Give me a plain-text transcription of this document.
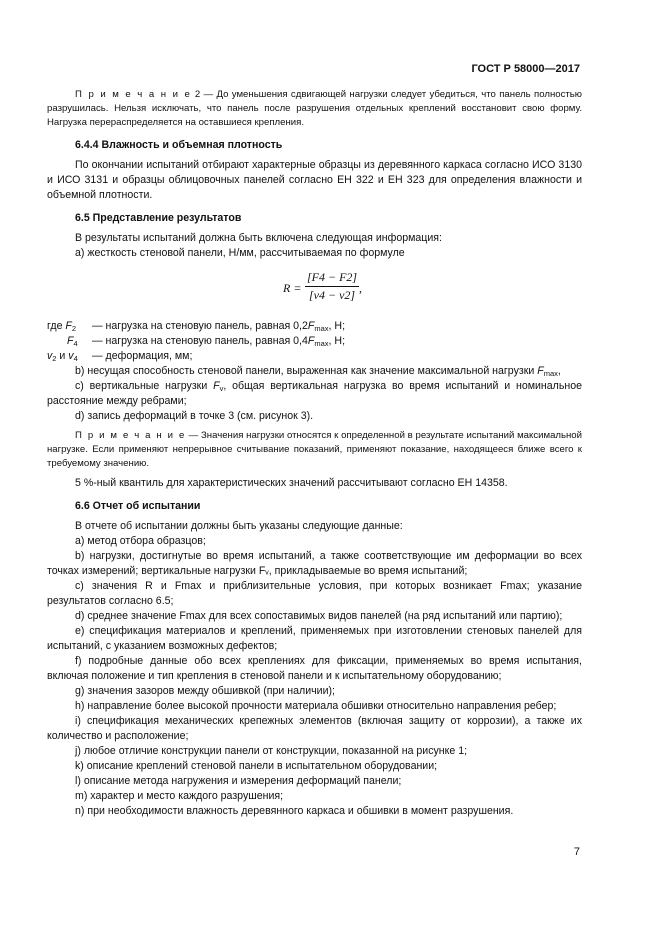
ГОСТ Р 58000—2017

П р и м е ч а н и е 2 — До уменьшения сдвигающей нагрузки следует убедиться, что панель полностью разрушилась. Нельзя исключать, что панель после разрушения отдельных креплений восстановит свою форму. Нагрузка перераспределяется на оставшиеся крепления.

6.4.4 Влажность и объемная плотность

По окончании испытаний отбирают характерные образцы из деревянного каркаса согласно ИСО 3130 и ИСО 3131 и образцы облицовочных панелей согласно ЕН 322 и ЕН 323 для определения влажности и объемной плотности.

6.5 Представление результатов

В результаты испытаний должна быть включена следующая информация:

а) жесткость стеновой панели, Н/мм, рассчитываемая по формуле

R =
[F4 − F2]
[v4 − v2] ,
где $F_2$ — нагрузка на стеновую панель, равная $0,2F_{max}$, Н;
$F_4$ — нагрузка на стеновую панель, равная $0,4F_{max}$, Н;
$v_2$ и $v_4$ — деформация, мм;

b) несущая способность стеновой панели, выраженная как значение максимальной нагрузки $F_{max}$,

с) вертикальные нагрузки $F_v$, общая вертикальная нагрузка во время испытаний и номинальное расстояние между ребрами;

d) запись деформаций в точке 3 (см. рисунок 3).

П р и м е ч а н и е — Значения нагрузки относятся к определенной в результате испытаний максимальной нагрузке. Если применяют непрерывное считывание показаний, применяют показание, находящееся ближе всего к требуемому значению.

5 %-ный квантиль для характеристических значений рассчитывают согласно ЕН 14358.

6.6 Отчет об испытании

В отчете об испытании должны быть указаны следующие данные:

а) метод отбора образцов;

b) нагрузки, достигнутые во время испытаний, а также соответствующие им деформации во всех точках измерений; вертикальные нагрузки Fᵥ, прикладываемые во время испытаний;

с) значения R и Fmax и приблизительные условия, при которых возникает Fmax; указание результатов согласно 6.5;

d) среднее значение Fmax для всех сопоставимых видов панелей (на ряд испытаний или партию);

е) спецификация материалов и креплений, применяемых при изготовлении стеновых панелей для испытаний, с указанием возможных дефектов;

f) подробные данные обо всех креплениях для фиксации, применяемых во время испытания, включая положение и тип крепления в стеновой панели и к испытательному оборудованию;

g) значения зазоров между обшивкой (при наличии);

h) направление более высокой прочности материала обшивки относительно направления ребер;

i) спецификация механических крепежных элементов (включая защиту от коррозии), а также их количество и расположение;

j) любое отличие конструкции панели от конструкции, показанной на рисунке 1;

k) описание креплений стеновой панели в испытательном оборудовании;

l) описание метода нагружения и измерения деформаций панели;

m) характер и место каждого разрушения;

n) при необходимости влажность деревянного каркаса и обшивки в момент разрушения.

7
